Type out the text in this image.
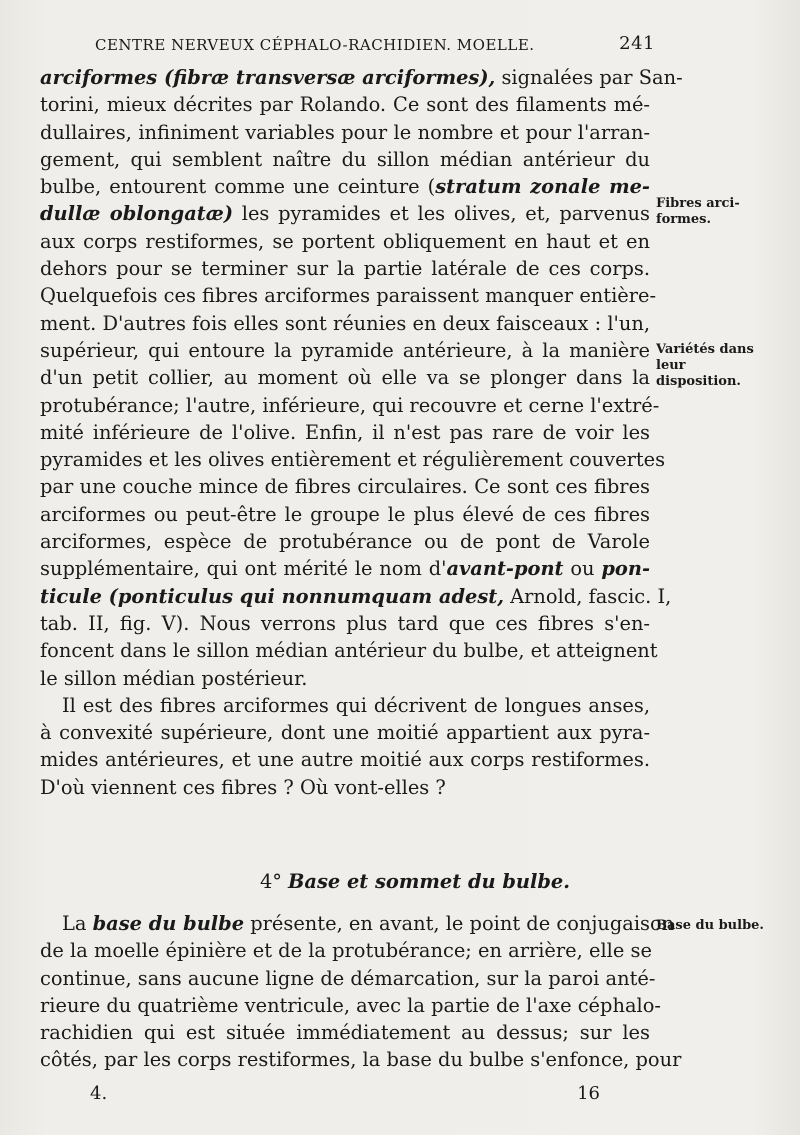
CENTRE NERVEUX CÉPHALO-RACHIDIEN. MOELLE.	241

arciformes (fibræ transversæ arciformes), signalées par San-
torini, mieux décrites par Rolando. Ce sont des filaments mé-
dullaires, infiniment variables pour le nombre et pour l'arran-
gement, qui semblent naître du sillon médian antérieur du
bulbe, entourent comme une ceinture (stratum zonale me-
dullæ oblongatæ) les pyramides et les olives, et, parvenus
aux corps restiformes, se portent obliquement en haut et en
dehors pour se terminer sur la partie latérale de ces corps.
Quelquefois ces fibres arciformes paraissent manquer entière-
ment. D'autres fois elles sont réunies en deux faisceaux : l'un,
supérieur, qui entoure la pyramide antérieure, à la manière
d'un petit collier, au moment où elle va se plonger dans la
protubérance; l'autre, inférieure, qui recouvre et cerne l'extré-
mité inférieure de l'olive. Enfin, il n'est pas rare de voir les
pyramides et les olives entièrement et régulièrement couvertes
par une couche mince de fibres circulaires. Ce sont ces fibres
arciformes ou peut-être le groupe le plus élevé de ces fibres
arciformes, espèce de protubérance ou de pont de Varole
supplémentaire, qui ont mérité le nom d'avant-pont ou pon-
ticule (ponticulus qui nonnumquam adest, Arnold, fascic. I,
tab. II, fig. V). Nous verrons plus tard que ces fibres s'en-
foncent dans le sillon médian antérieur du bulbe, et atteignent
le sillon médian postérieur.

Il est des fibres arciformes qui décrivent de longues anses,
à convexité supérieure, dont une moitié appartient aux pyra-
mides antérieures, et une autre moitié aux corps restiformes.
D'où viennent ces fibres ? Où vont-elles ?

4° Base et sommet du bulbe.

La base du bulbe présente, en avant, le point de conjugaison
de la moelle épinière et de la protubérance; en arrière, elle se
continue, sans aucune ligne de démarcation, sur la paroi anté-
rieure du quatrième ventricule, avec la partie de l'axe céphalo-
rachidien qui est située immédiatement au dessus; sur les
côtés, par les corps restiformes, la base du bulbe s'enfonce, pour

Fibres arci- formes.
Variétés dans leur disposition.
Base du bulbe.
4.	16
